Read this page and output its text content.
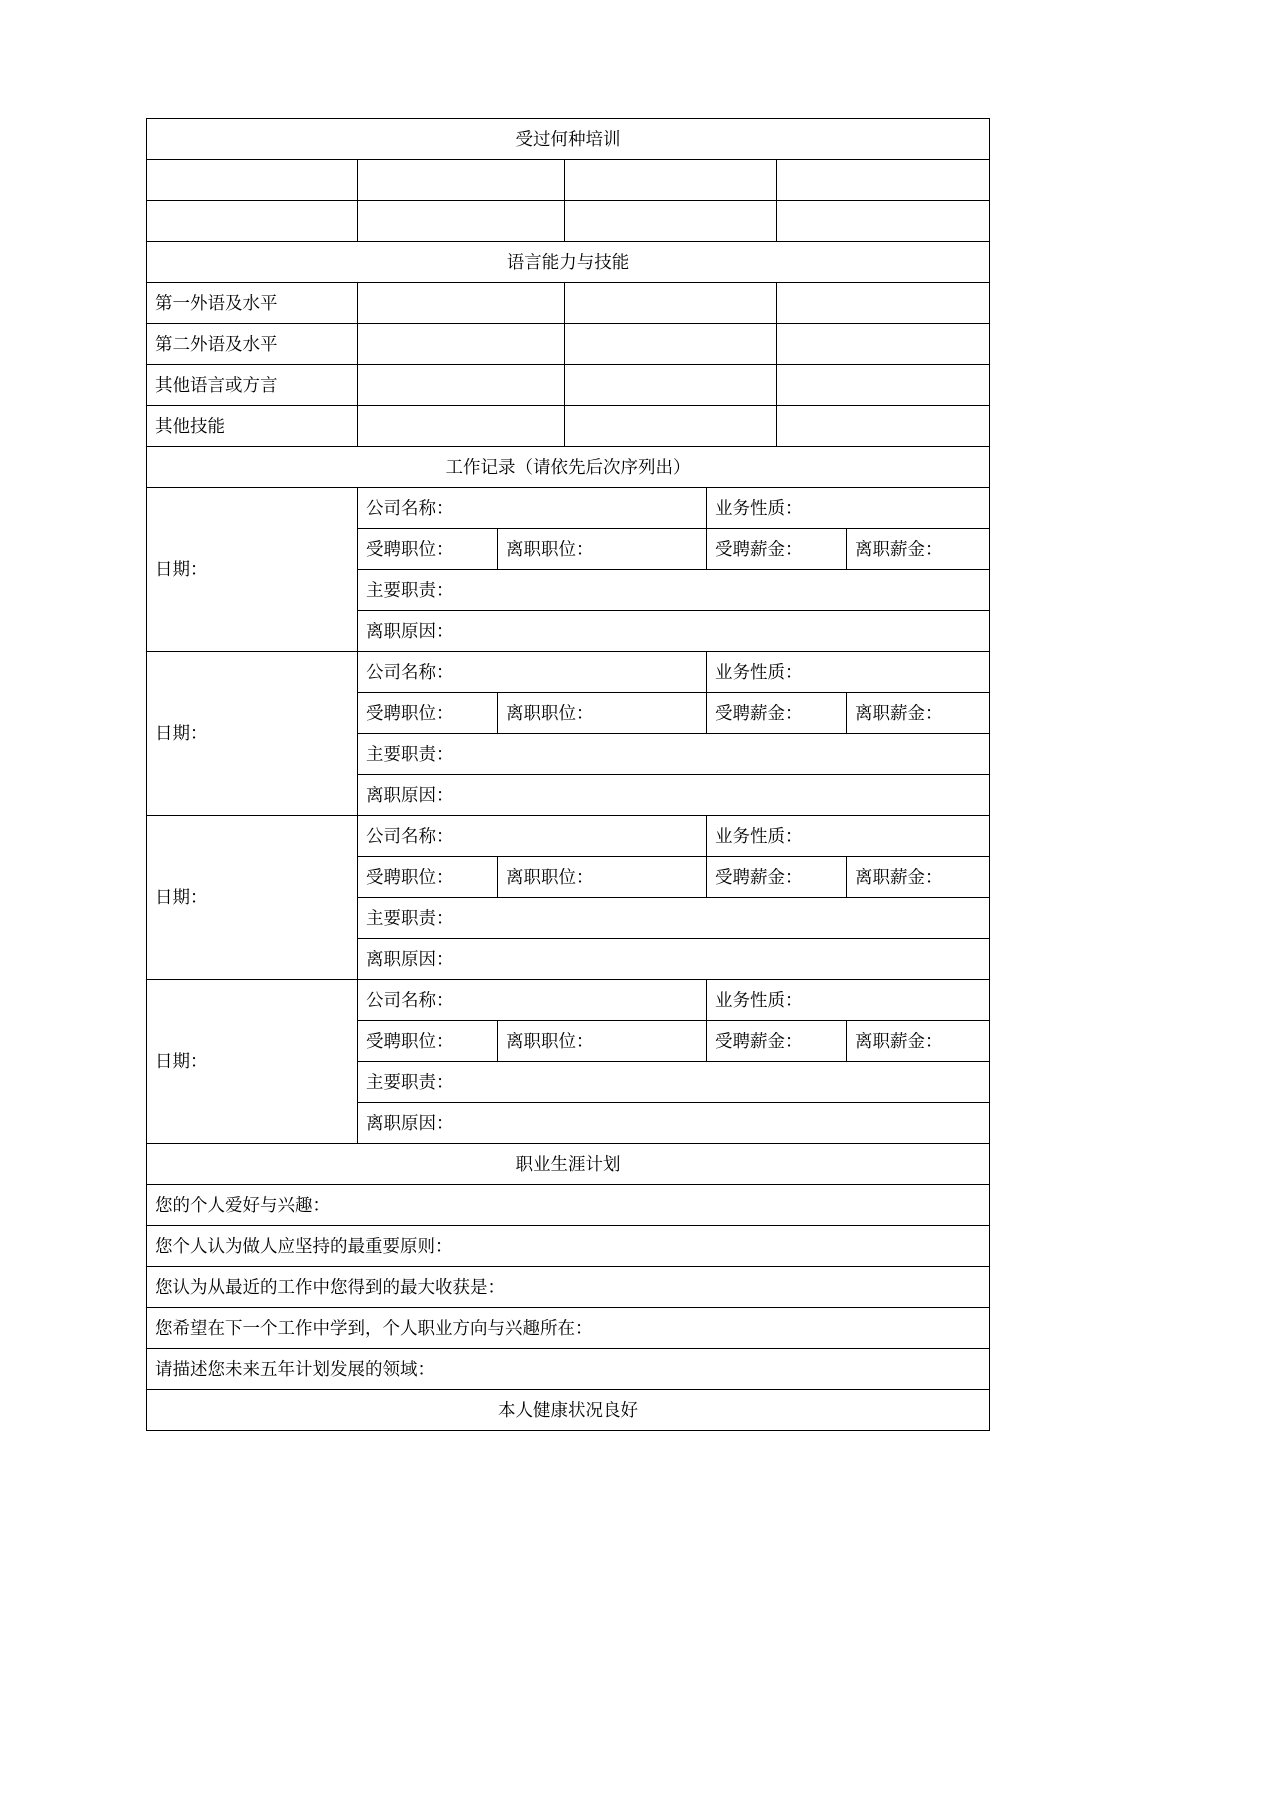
受过何种培训						

语言能力与技能						
第一外语及水平						
第二外语及水平						
其他语言或方言						
其他技能						
工作记录（请依先后次序列出）						
日期：	公司名称：			业务性质：		
	受聘职位：	离职职位：		受聘薪金：		离职薪金：
	主要职责：					
	离职原因：					
日期：	公司名称：			业务性质：		
	受聘职位：	离职职位：		受聘薪金：		离职薪金：
	主要职责：					
	离职原因：					
日期：	公司名称：			业务性质：		
	受聘职位：	离职职位：		受聘薪金：		离职薪金：
	主要职责：					
	离职原因：					
日期：	公司名称：			业务性质：		
	受聘职位：	离职职位：		受聘薪金：		离职薪金：
	主要职责：					
	离职原因：					
职业生涯计划						
您的个人爱好与兴趣：						
您个人认为做人应坚持的最重要原则：						
您认为从最近的工作中您得到的最大收获是：						
您希望在下一个工作中学到，个人职业方向与兴趣所在：						
请描述您未来五年计划发展的领域：						
本人健康状况良好						
